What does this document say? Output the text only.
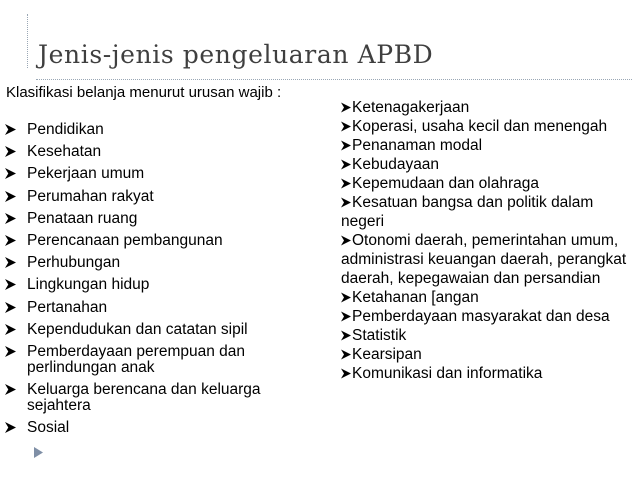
Jenis-jenis pengeluaran APBD
Klasifikasi belanja menurut urusan wajib :
Pendidikan
Kesehatan
Pekerjaan umum
Perumahan rakyat
Penataan ruang
Perencanaan pembangunan
Perhubungan
Lingkungan hidup
Pertanahan
Kependudukan dan catatan sipil
Pemberdayaan perempuan dan perlindungan anak
Keluarga berencana dan keluarga sejahtera
Sosial
Ketenagakerjaan
Koperasi, usaha kecil dan menengah
Penanaman modal
Kebudayaan
Kepemudaan dan olahraga
Kesatuan bangsa dan politik dalam negeri
Otonomi daerah, pemerintahan umum, administrasi keuangan daerah, perangkat daerah, kepegawaian dan persandian
Ketahanan [angan
Pemberdayaan masyarakat dan desa
Statistik
Kearsipan
Komunikasi dan informatika
